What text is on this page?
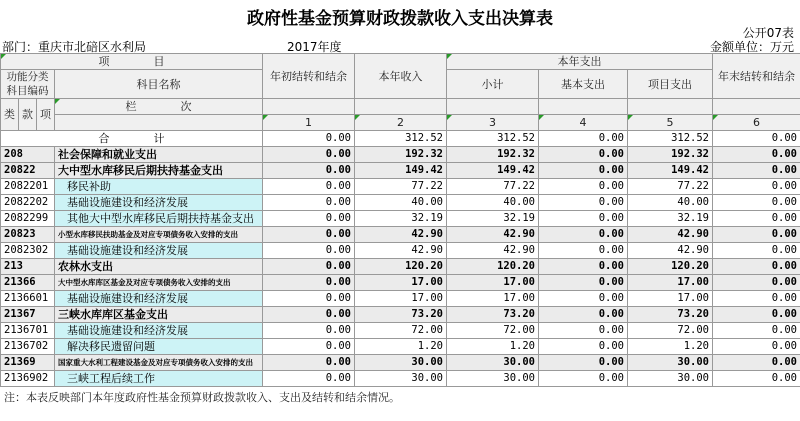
政府性基金预算财政拨款收入支出决算表
公开07表
部门：重庆市北碚区水利局	2017年度	金额单位：万元
项　　　　目				年初结转和结余	本年收入	本年支出			年末结转和结余
功能分类科目编码			科目名称			小计	基本支出	项目支出	

类	款	项							
			栏　　　　次						
				1	2	3	4	5	6
合　　　　计				0.00	312.52	312.52	0.00	312.52	0.00
208			社会保障和就业支出	0.00	192.32	192.32	0.00	192.32	0.00
20822			大中型水库移民后期扶持基金支出	0.00	149.42	149.42	0.00	149.42	0.00
2082201			移民补助	0.00	77.22	77.22	0.00	77.22	0.00
2082202			基础设施建设和经济发展	0.00	40.00	40.00	0.00	40.00	0.00
2082299			其他大中型水库移民后期扶持基金支出	0.00	32.19	32.19	0.00	32.19	0.00
20823			小型水库移民扶助基金及对应专项债务收入安排的支出	0.00	42.90	42.90	0.00	42.90	0.00
2082302			基础设施建设和经济发展	0.00	42.90	42.90	0.00	42.90	0.00
213			农林水支出	0.00	120.20	120.20	0.00	120.20	0.00
21366			大中型水库库区基金及对应专项债务收入安排的支出	0.00	17.00	17.00	0.00	17.00	0.00
2136601			基础设施建设和经济发展	0.00	17.00	17.00	0.00	17.00	0.00
21367			三峡水库库区基金支出	0.00	73.20	73.20	0.00	73.20	0.00
2136701			基础设施建设和经济发展	0.00	72.00	72.00	0.00	72.00	0.00
2136702			解决移民遗留问题	0.00	1.20	1.20	0.00	1.20	0.00
21369			国家重大水利工程建设基金及对应专项债务收入安排的支出	0.00	30.00	30.00	0.00	30.00	0.00
2136902			三峡工程后续工作	0.00	30.00	30.00	0.00	30.00	0.00
注：本表反映部门本年度政府性基金预算财政拨款收入、支出及结转和结余情况。
